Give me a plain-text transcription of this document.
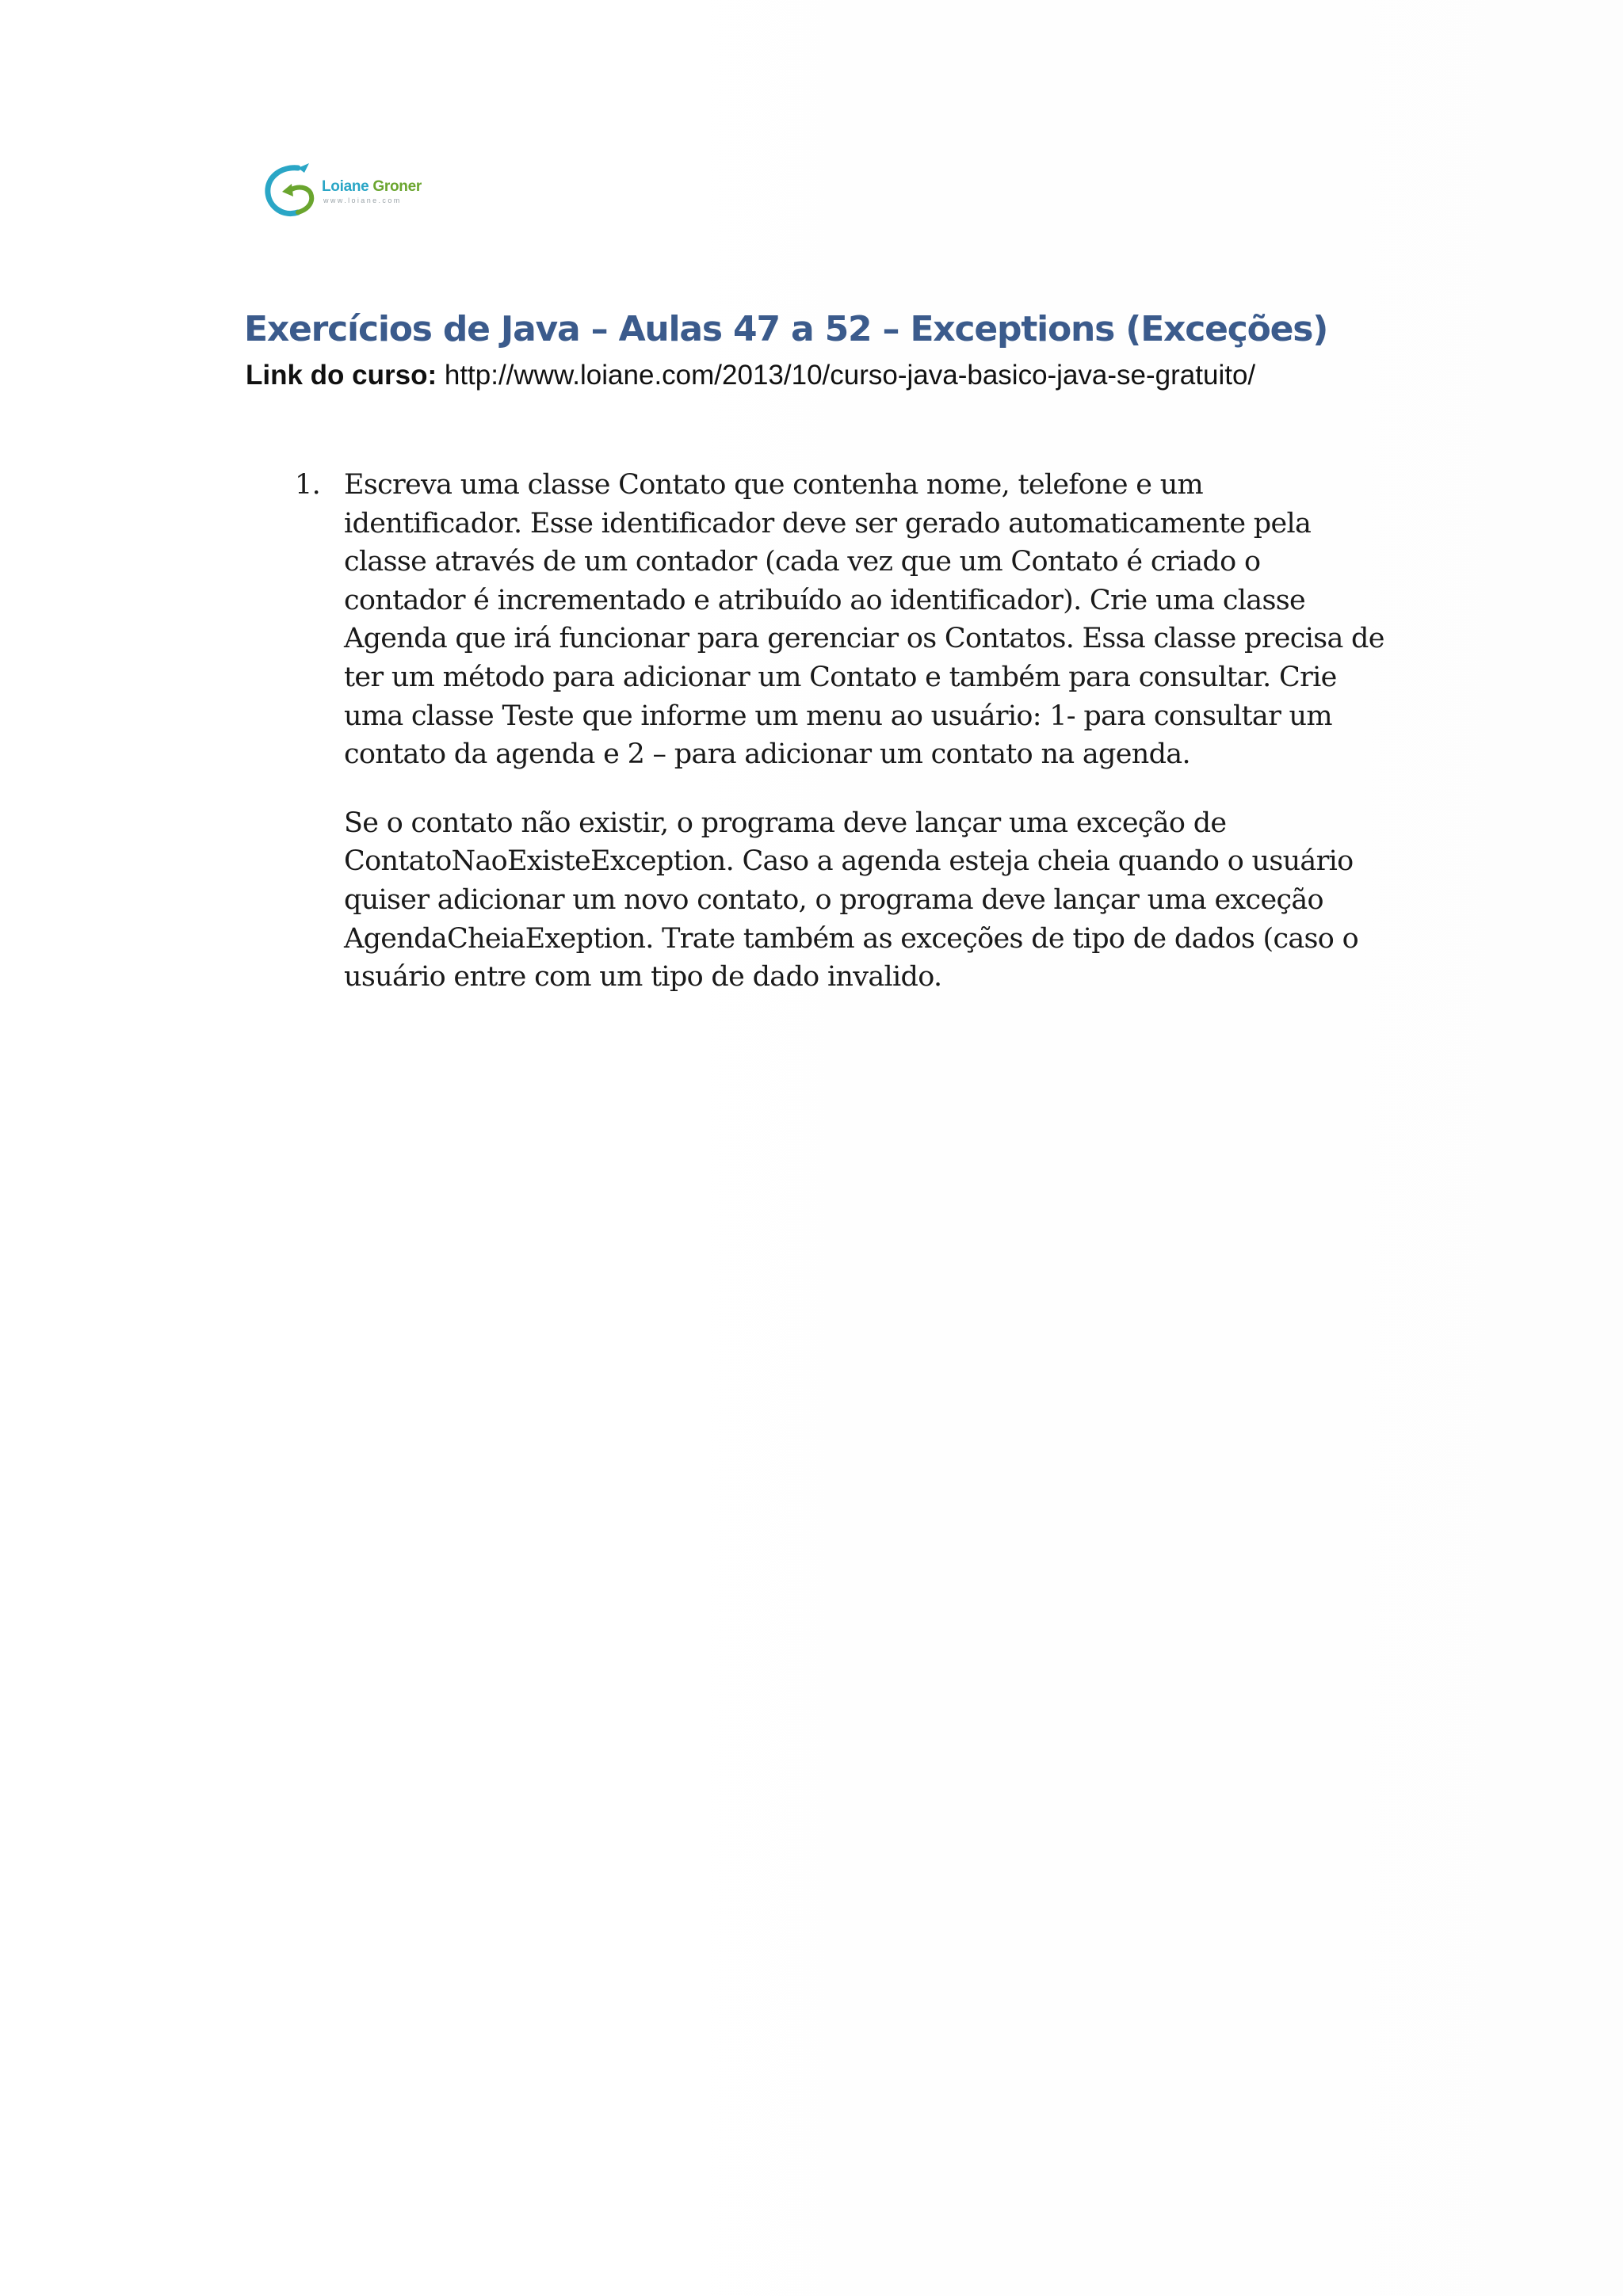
Loiane Groner
www.loiane.com
Exercícios de Java – Aulas 47 a 52 – Exceptions (Exceções)
Link do curso: http://www.loiane.com/2013/10/curso-java-basico-java-se-gratuito/
1. Escreva uma classe Contato que contenha nome, telefone e um identificador. Esse identificador deve ser gerado automaticamente pela classe através de um contador (cada vez que um Contato é criado o contador é incrementado e atribuído ao identificador). Crie uma classe Agenda que irá funcionar para gerenciar os Contatos. Essa classe precisa de ter um método para adicionar um Contato e também para consultar. Crie uma classe Teste que informe um menu ao usuário: 1- para consultar um contato da agenda e 2 – para adicionar um contato na agenda.

Se o contato não existir, o programa deve lançar uma exceção de ContatoNaoExisteException. Caso a agenda esteja cheia quando o usuário quiser adicionar um novo contato, o programa deve lançar uma exceção AgendaCheiaExeption. Trate também as exceções de tipo de dados (caso o usuário entre com um tipo de dado invalido.
